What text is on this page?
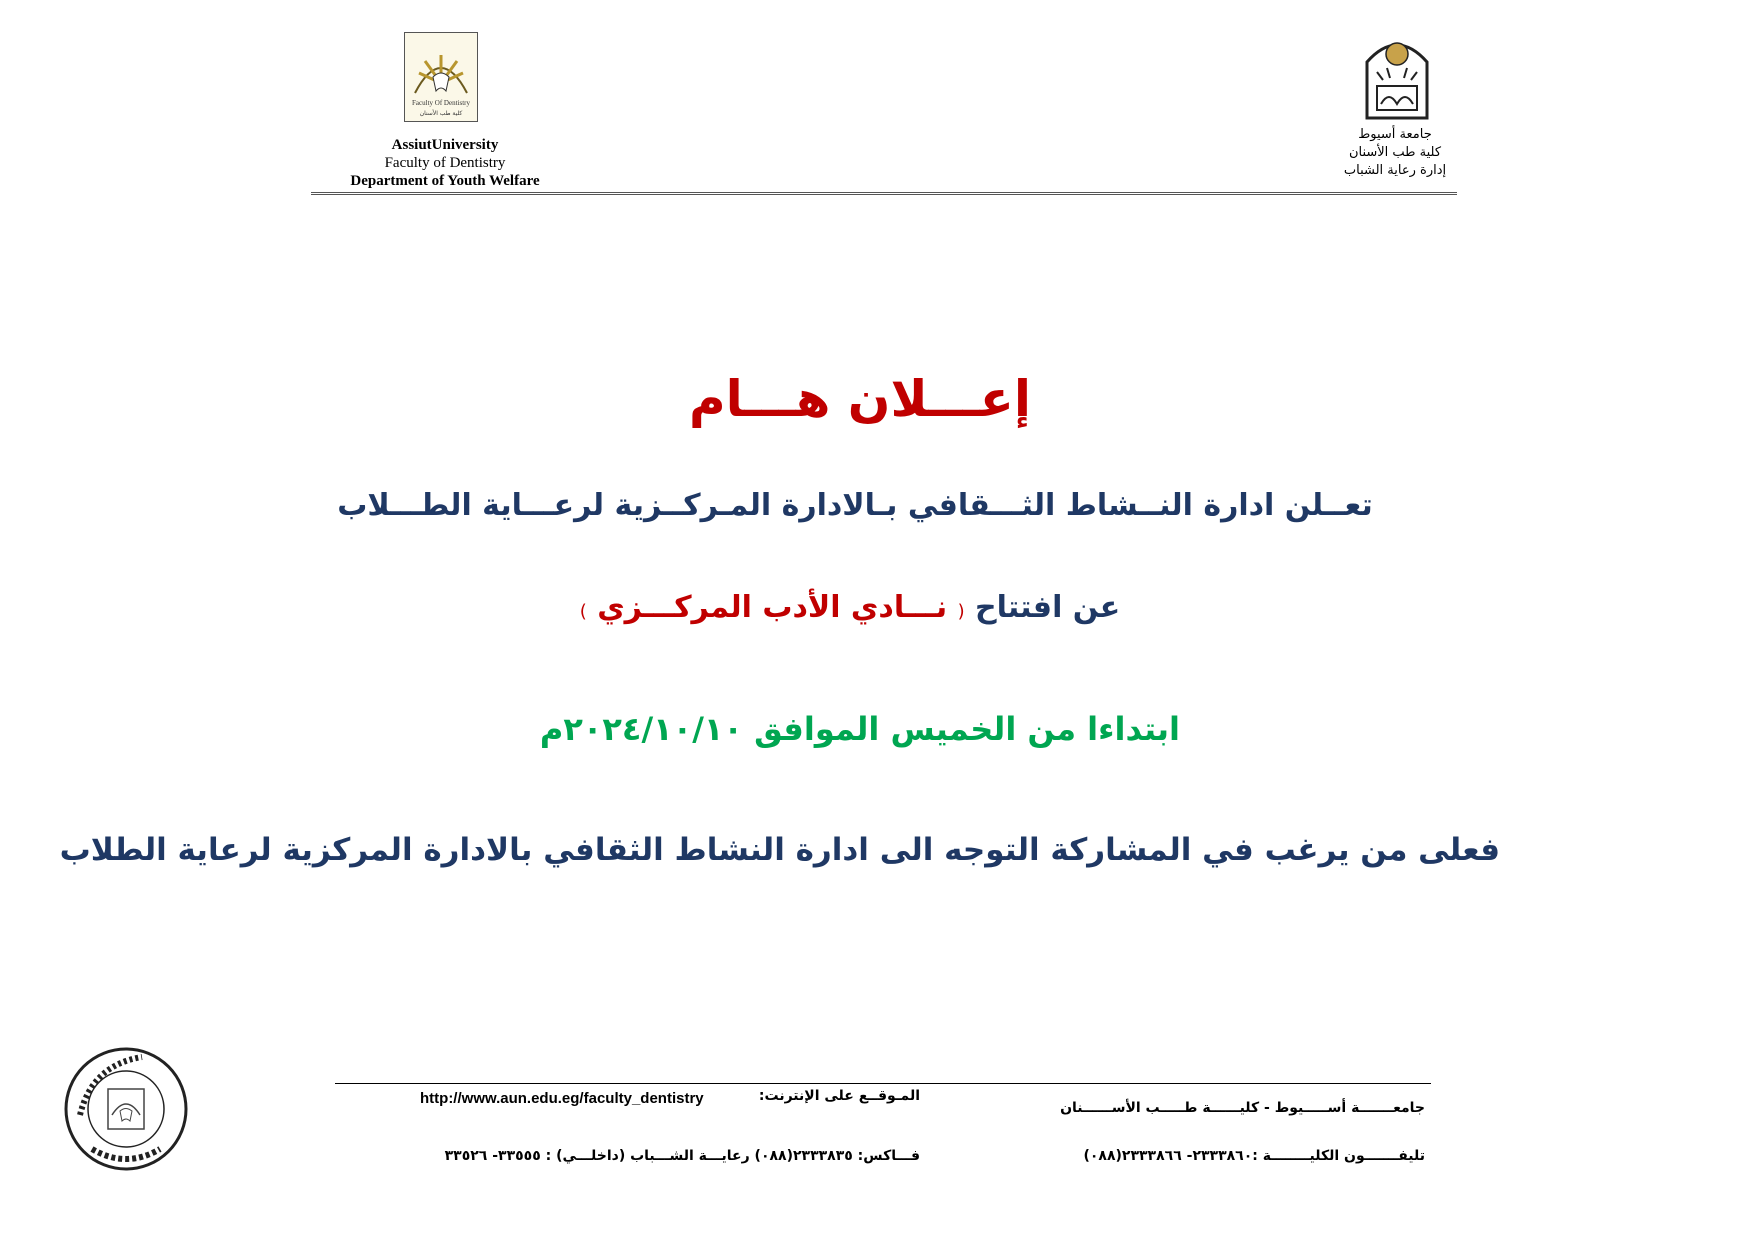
Faculty Of Dentistry
كلية طب الأسنان
AssiutUniversity
Faculty of Dentistry
Department of Youth Welfare
جامعة أسيوط
كلية طب الأسنان
إدارة رعاية الشباب
إعـــلان هـــام
تعــلن ادارة النــشاط الثـــقافي بـالادارة المـركــزية لرعـــاية الطـــلاب
عن افتتاح ( نـــادي الأدب المركـــزي )
ابتداءا من الخميس الموافق ٢٠٢٤/١٠/١٠م
فعلى من يرغب في المشاركة التوجه الى ادارة النشاط الثقافي بالادارة المركزية لرعاية الطلاب
المـوقــع على الإنترنت:
http://www.aun.edu.eg/faculty_dentistry
جامعـــــــة أســـــيوط - كليــــــة طـــــب الأســــــنان
فـــاكس: ٢٣٣٣٨٣٥(٠٨٨) رعايـــة الشـــباب (داخلـــي) : ٣٣٥٥٥- ٣٣٥٢٦	تليفـــــــون الكليــــــــة :٢٣٣٣٨٦٠- ٢٣٣٣٨٦٦(٠٨٨)
